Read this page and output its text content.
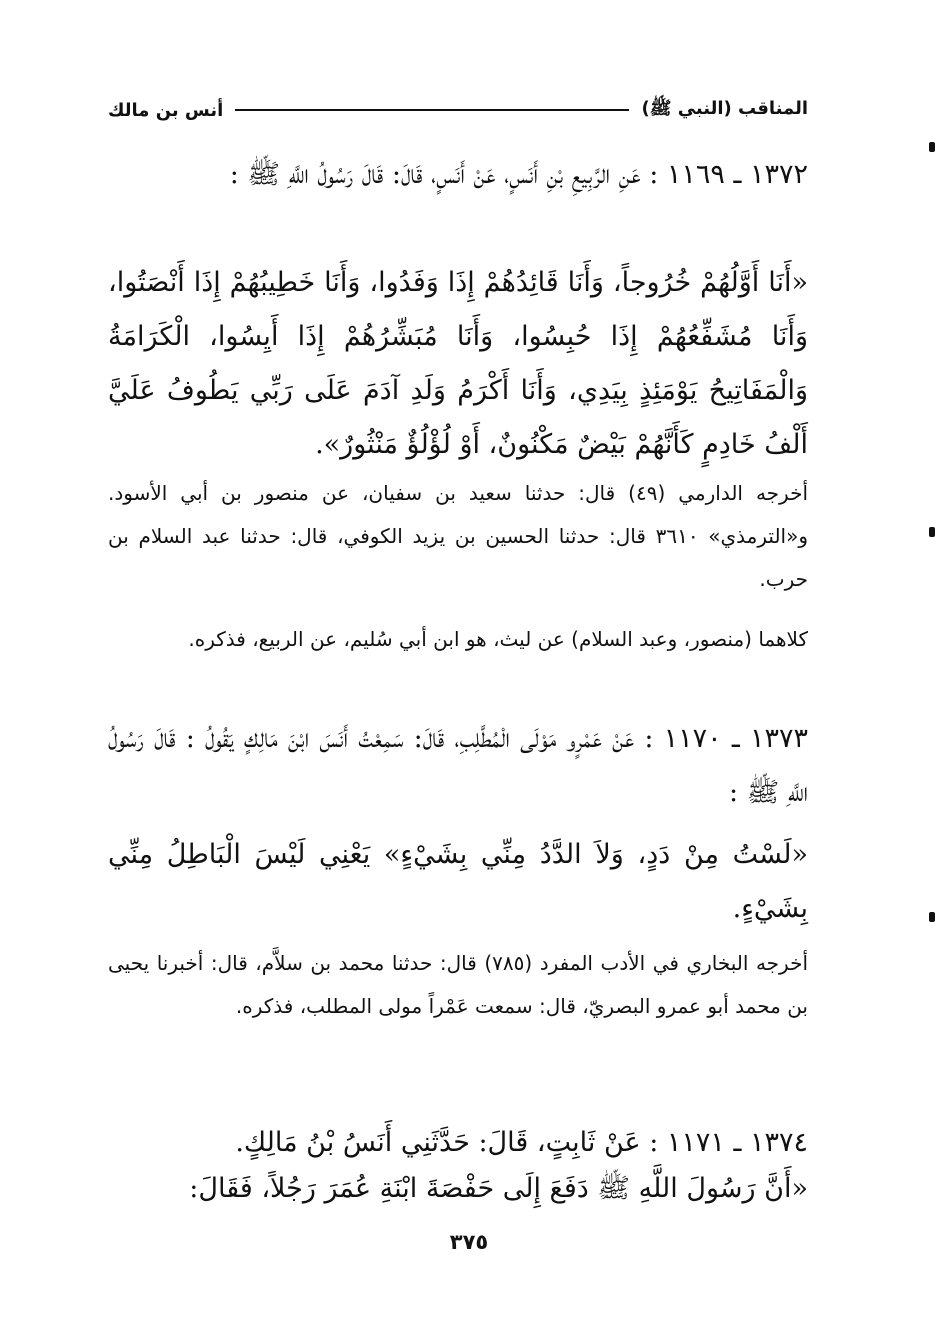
المناقب (النبي ﷺ)
أنس بن مالك

١٣٧٢ ـ ١١٦٩ : عَنِ الرَّبِيعِ بْنِ أَنَسٍ، عَنْ أَنَسٍ، قَالَ: قَالَ رَسُولُ اللَّهِ ﷺ :

«أَنَا أَوَّلُهُمْ خُرُوجاً، وَأَنَا قَائِدُهُمْ إِذَا وَفَدُوا، وَأَنَا خَطِيبُهُمْ إِذَا أَنْصَتُوا، وَأَنَا مُشَفِّعُهُمْ إِذَا حُبِسُوا، وَأَنَا مُبَشِّرُهُمْ إِذَا أَيِسُوا، الْكَرَامَةُ وَالْمَفَاتِيحُ يَوْمَئِذٍ بِيَدِي، وَأَنَا أَكْرَمُ وَلَدِ آدَمَ عَلَى رَبِّي يَطُوفُ عَلَيَّ أَلْفُ خَادِمٍ كَأَنَّهُمْ بَيْضٌ مَكْنُونٌ، أَوْ لُؤْلُؤٌ مَنْثُورٌ».

أخرجه الدارمي (٤٩) قال: حدثنا سعيد بن سفيان، عن منصور بن أبي الأسود. و«الترمذي» ٣٦١٠ قال: حدثنا الحسين بن يزيد الكوفي، قال: حدثنا عبد السلام بن حرب.

كلاهما (منصور، وعبد السلام) عن ليث، هو ابن أبي سُليم، عن الربيع، فذكره.

١٣٧٣ ـ ١١٧٠ : عَنْ عَمْرٍو مَوْلَى الْمُطَّلِبِ، قَالَ: سَمِعْتُ أَنَسَ ابْنَ مَالِكٍ يَقُولُ : قَالَ رَسُولُ اللَّهِ ﷺ :

«لَسْتُ مِنْ دَدٍ، وَلاَ الدَّدُ مِنِّي بِشَيْءٍ» يَعْنِي لَيْسَ الْبَاطِلُ مِنِّي بِشَيْءٍ.

أخرجه البخاري في الأدب المفرد (٧٨٥) قال: حدثنا محمد بن سلاَّم، قال: أخبرنا يحيى بن محمد أبو عمرو البصريّ، قال: سمعت عَمْراً مولى المطلب، فذكره.

١٣٧٤ ـ ١١٧١ : عَنْ ثَابِتٍ، قَالَ: حَدَّثَنِي أَنَسُ بْنُ مَالِكٍ.

«أَنَّ رَسُولَ اللَّهِ ﷺ دَفَعَ إِلَى حَفْصَةَ ابْنَةِ عُمَرَ رَجُلاً، فَقَالَ:

٣٧٥
